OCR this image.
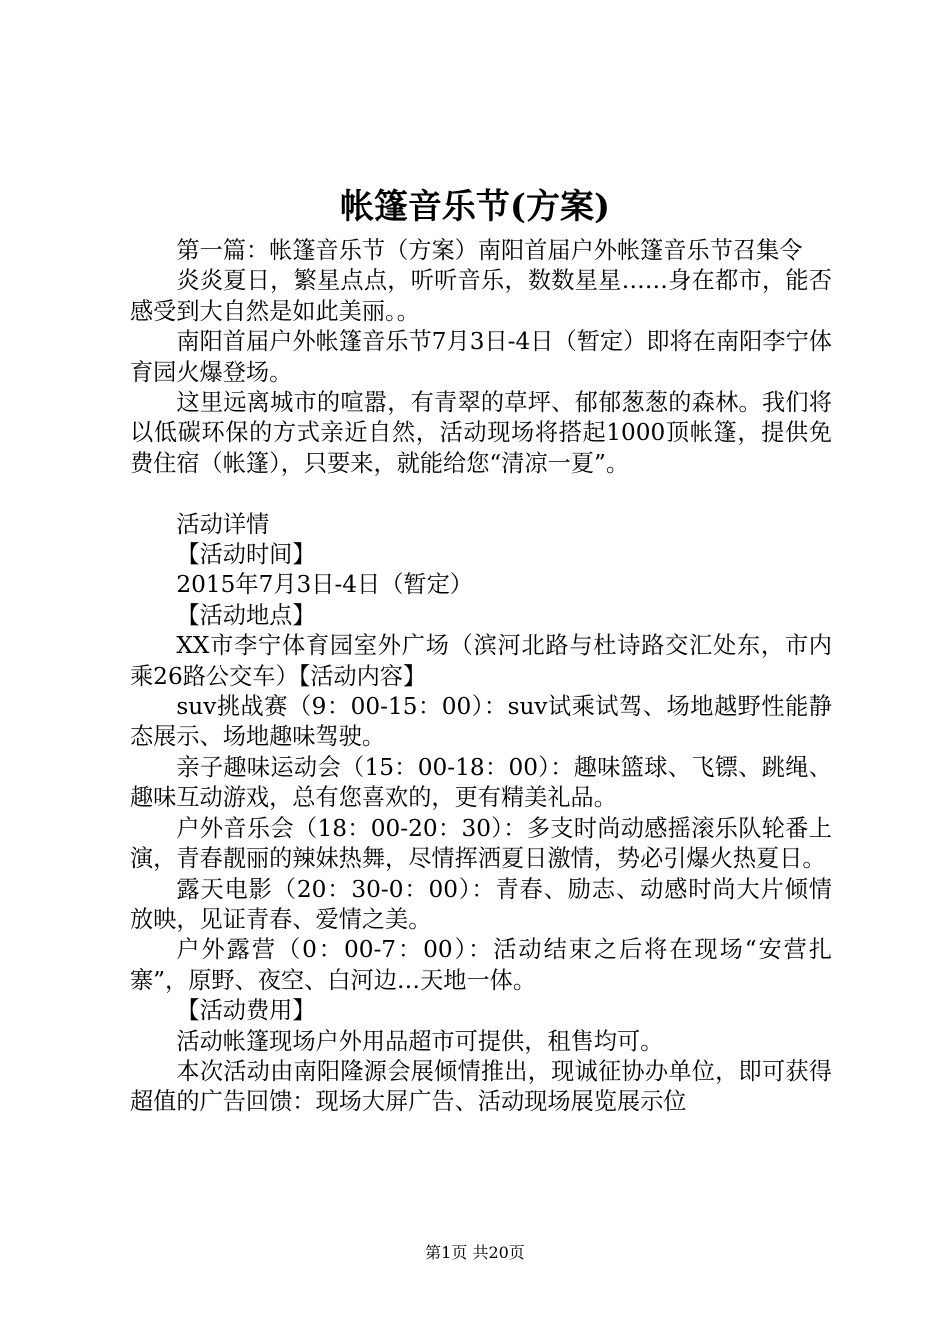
帐篷音乐节(方案)

第一篇：帐篷音乐节（方案）南阳首届户外帐篷音乐节召集令

炎炎夏日，繁星点点，听听音乐，数数星星……身在都市，能否感受到大自然是如此美丽。。

南阳首届户外帐篷音乐节7月3日-4日（暂定）即将在南阳李宁体育园火爆登场。

这里远离城市的喧嚣，有青翠的草坪、郁郁葱葱的森林。我们将以低碳环保的方式亲近自然，活动现场将搭起1000顶帐篷，提供免费住宿（帐篷），只要来，就能给您“清凉一夏”。

活动详情

【活动时间】

2015年7月3日-4日（暂定）

【活动地点】

XX市李宁体育园室外广场（滨河北路与杜诗路交汇处东，市内乘26路公交车）【活动内容】

suv挑战赛（9：00-15：00）：suv试乘试驾、场地越野性能静态展示、场地趣味驾驶。

亲子趣味运动会（15：00-18：00）：趣味篮球、飞镖、跳绳、趣味互动游戏，总有您喜欢的，更有精美礼品。

户外音乐会（18：00-20：30）：多支时尚动感摇滚乐队轮番上演，青春靓丽的辣妹热舞，尽情挥洒夏日激情，势必引爆火热夏日。

露天电影（20：30-0：00）：青春、励志、动感时尚大片倾情放映，见证青春、爱情之美。

户外露营（0：00-7：00）：活动结束之后将在现场“安营扎寨”，原野、夜空、白河边…天地一体。

【活动费用】

活动帐篷现场户外用品超市可提供，租售均可。

本次活动由南阳隆源会展倾情推出，现诚征协办单位，即可获得超值的广告回馈：现场大屏广告、活动现场展览展示位

第1页 共20页
